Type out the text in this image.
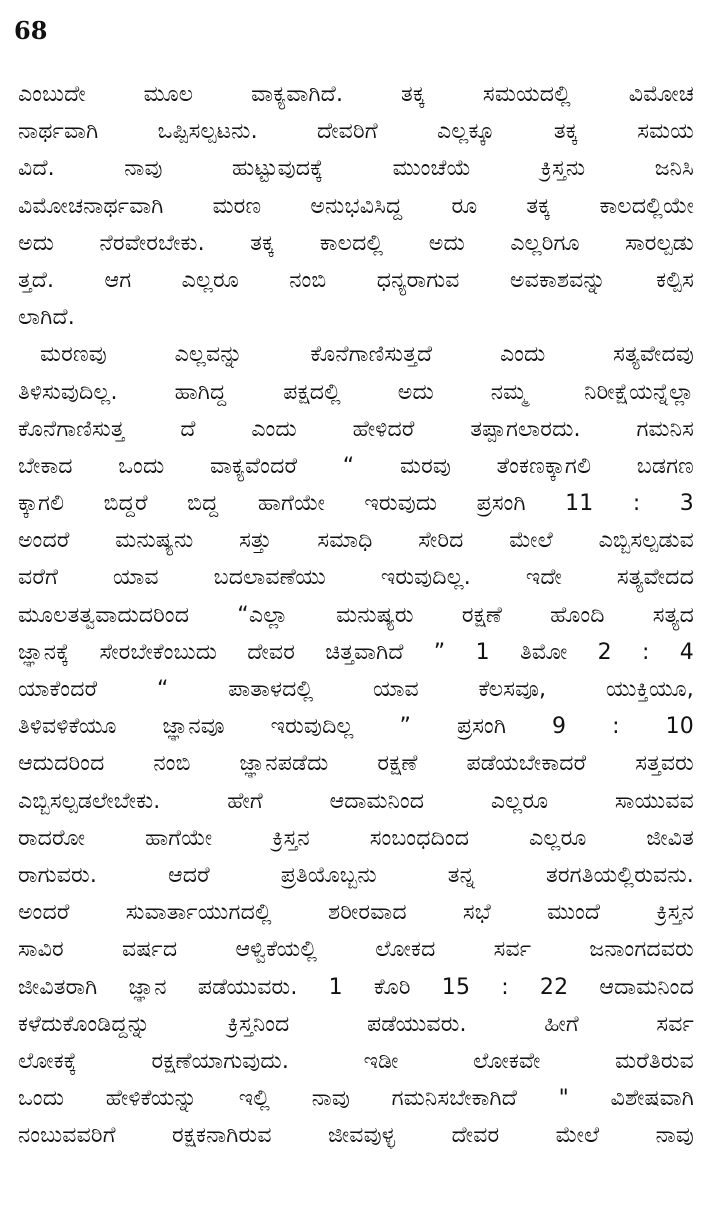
68

ಎಂಬುದೇ ಮೂಲ ವಾಕ್ಯವಾಗಿದೆ. ತಕ್ಕ ಸಮಯದಲ್ಲಿ ವಿಮೋಚ
ನಾರ್ಥವಾಗಿ ಒಪ್ಪಿಸಲ್ಪಟನು. ದೇವರಿಗೆ ಎಲ್ಲಕ್ಕೂ ತಕ್ಕ ಸಮಯ
ವಿದೆ. ನಾವು ಹುಟ್ಟುವುದಕ್ಕೆ ಮುಂಚೆಯೆ ಕ್ರಿಸ್ತನು ಜನಿಸಿ
ವಿಮೋಚನಾರ್ಥವಾಗಿ ಮರಣ ಅನುಭವಿಸಿದ್ದ ರೂ ತಕ್ಕ ಕಾಲದಲ್ಲಿಯೇ
ಅದು ನೆರವೇರಬೇಕು. ತಕ್ಕ ಕಾಲದಲ್ಲಿ ಅದು ಎಲ್ಲರಿಗೂ ಸಾರಲ್ಪಡು
ತ್ತದೆ. ಆಗ ಎಲ್ಲರೂ ನಂಬಿ ಧನ್ಯರಾಗುವ ಅವಕಾಶವನ್ನು ಕಲ್ಪಿಸ
ಲಾಗಿದೆ.
ಮರಣವು ಎಲ್ಲವನ್ನು ಕೊನೆಗಾಣಿಸುತ್ತದೆ ಎಂದು ಸತ್ಯವೇದವು
ತಿಳಿಸುವುದಿಲ್ಲ. ಹಾಗಿದ್ದ ಪಕ್ಷದಲ್ಲಿ ಅದು ನಮ್ಮ ನಿರೀಕ್ಷೆಯನ್ನೆಲ್ಲಾ
ಕೊನೆಗಾಣಿಸುತ್ತ ದೆ ಎಂದು ಹೇಳಿದರೆ ತಪ್ಪಾಗಲಾರದು. ಗಮನಿಸ
ಬೇಕಾದ ಒಂದು ವಾಕ್ಯವೆಂದರೆ “ ಮರವು ತೆಂಕಣಕ್ಕಾಗಲಿ ಬಡಗಣ
ಕ್ಕಾಗಲಿ ಬಿದ್ದರೆ ಬಿದ್ದ ಹಾಗೆಯೇ ಇರುವುದು ಪ್ರಸಂಗಿ 11 : 3
ಅಂದರೆ ಮನುಷ್ಯನು ಸತ್ತು ಸಮಾಧಿ ಸೇರಿದ ಮೇಲೆ ಎಬ್ಬಿಸಲ್ಪಡುವ
ವರೆಗೆ ಯಾವ ಬದಲಾವಣೆಯು ಇರುವುದಿಲ್ಲ. ಇದೇ ಸತ್ಯವೇದದ
ಮೂಲತತ್ವವಾದುದರಿಂದ “ಎಲ್ಲಾ ಮನುಷ್ಯರು ರಕ್ಷಣೆ ಹೊಂದಿ ಸತ್ಯದ
ಜ್ಞಾನಕ್ಕೆ ಸೇರಬೇಕೆಂಬುದು ದೇವರ ಚಿತ್ತವಾಗಿದೆ ” 1 ತಿಮೋ 2 : 4
ಯಾಕೆಂದರೆ “ ಪಾತಾಳದಲ್ಲಿ ಯಾವ ಕೆಲಸವೂ, ಯುಕ್ತಿಯೂ,
ತಿಳಿವಳಿಕೆಯೂ ಜ್ಞಾನವೂ ಇರುವುದಿಲ್ಲ ” ಪ್ರಸಂಗಿ 9 : 10
ಆದುದರಿಂದ ನಂಬಿ ಜ್ಞಾನಪಡೆದು ರಕ್ಷಣೆ ಪಡೆಯಬೇಕಾದರೆ ಸತ್ತವರು
ಎಬ್ಬಿಸಲ್ಪಡಲೇಬೇಕು. ಹೇಗೆ ಆದಾಮನಿಂದ ಎಲ್ಲರೂ ಸಾಯುವವ
ರಾದರೋ ಹಾಗೆಯೇ ಕ್ರಿಸ್ತನ ಸಂಬಂಧದಿಂದ ಎಲ್ಲರೂ ಜೀವಿತ
ರಾಗುವರು. ಆದರೆ ಪ್ರತಿಯೊಬ್ಬನು ತನ್ನ ತರಗತಿಯಲ್ಲಿರುವನು.
ಅಂದರೆ ಸುವಾರ್ತಾಯುಗದಲ್ಲಿ ಶರೀರವಾದ ಸಭೆ ಮುಂದೆ ಕ್ರಿಸ್ತನ
ಸಾವಿರ ವರ್ಷದ ಆಳ್ವಿಕೆಯಲ್ಲಿ ಲೋಕದ ಸರ್ವ ಜನಾಂಗದವರು
ಜೀವಿತರಾಗಿ ಜ್ಞಾನ ಪಡೆಯುವರು. 1 ಕೊರಿ 15 : 22 ಆದಾಮನಿಂದ
ಕಳೆದುಕೊಂಡಿದ್ದನ್ನು ಕ್ರಿಸ್ತನಿಂದ ಪಡೆಯುವರು. ಹೀಗೆ ಸರ್ವ
ಲೋಕಕ್ಕೆ ರಕ್ಷಣೆಯಾಗುವುದು. ಇಡೀ ಲೋಕವೇ ಮರೆತಿರುವ
ಒಂದು ಹೇಳಿಕೆಯನ್ನು ಇಲ್ಲಿ ನಾವು ಗಮನಿಸಬೇಕಾಗಿದೆ " ವಿಶೇಷವಾಗಿ
ನಂಬುವವರಿಗೆ ರಕ್ಷಕನಾಗಿರುವ ಜೀವವುಳ್ಳ ದೇವರ ಮೇಲೆ ನಾವು
